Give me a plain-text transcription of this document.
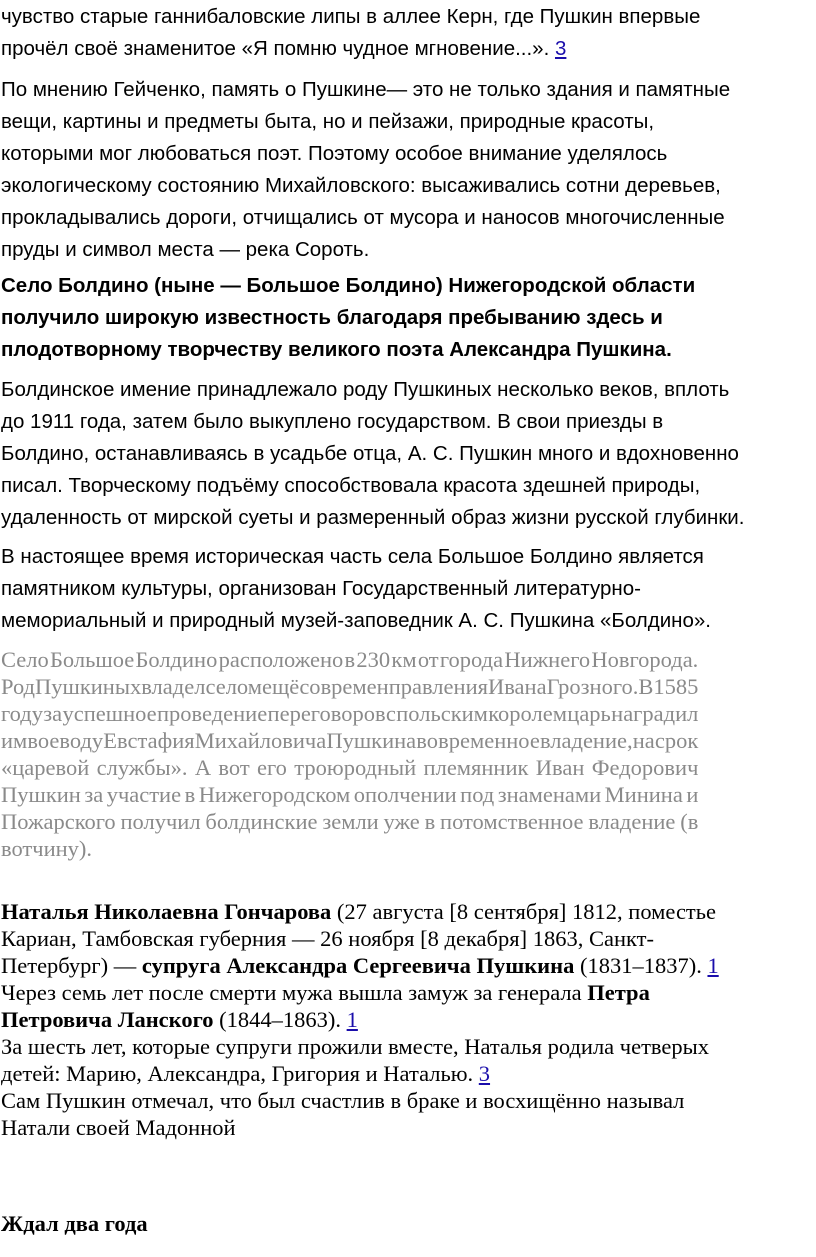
чувство старые ганнибаловские липы в аллее Керн, где Пушкин впервые
прочёл своё знаменитое «Я помню чудное мгновение...». 3
По мнению Гейченко, память о Пушкине— это не только здания и памятные
вещи, картины и предметы быта, но и пейзажи, природные красоты,
которыми мог любоваться поэт. Поэтому особое внимание уделялось
экологическому состоянию Михайловского: высаживались сотни деревьев,
прокладывались дороги, отчищались от мусора и наносов многочисленные
пруды и символ места — река Сороть.
Село Болдино (ныне — Большое Болдино) Нижегородской области
получило широкую известность благодаря пребыванию здесь и
плодотворному творчеству великого поэта Александра Пушкина.
Болдинское имение принадлежало роду Пушкиных несколько веков, вплоть
до 1911 года, затем было выкуплено государством. В свои приезды в
Болдино, останавливаясь в усадьбе отца, А. С. Пушкин много и вдохновенно
писал. Творческому подъёму способствовала красота здешней природы,
удаленность от мирской суеты и размеренный образ жизни русской глубинки.
В настоящее время историческая часть села Большое Болдино является
памятником культуры, организован Государственный литературно-
мемориальный и природный музей-заповедник А. С. Пушкина «Болдино».
Село Большое Болдино расположено в 230 км от города Нижнего Новгорода.
Род Пушкиных владел селом ещё со времен правления Ивана Грозного. В 1585
году за успешное проведение переговоров с польским королем царь наградил
им воеводу Евстафия Михайловича Пушкина во временное владение, на срок
«царевой службы». А вот его троюродный племянник Иван Федорович
Пушкин за участие в Нижегородском ополчении под знаменами Минина и
Пожарского получил болдинские земли уже в потомственное владение (в
вотчину).
Наталья Николаевна Гончарова (27 августа [8 сентября] 1812, поместье
Кариан, Тамбовская губерния — 26 ноября [8 декабря] 1863, Санкт-
Петербург) — супруга Александра Сергеевича Пушкина (1831–1837). 1
Через семь лет после смерти мужа вышла замуж за генерала Петра
Петровича Ланского (1844–1863). 1
За шесть лет, которые супруги прожили вместе, Наталья родила четверых
детей: Марию, Александра, Григория и Наталью. 3
Сам Пушкин отмечал, что был счастлив в браке и восхищённо называл
Натали своей Мадонной
Ждал два года
